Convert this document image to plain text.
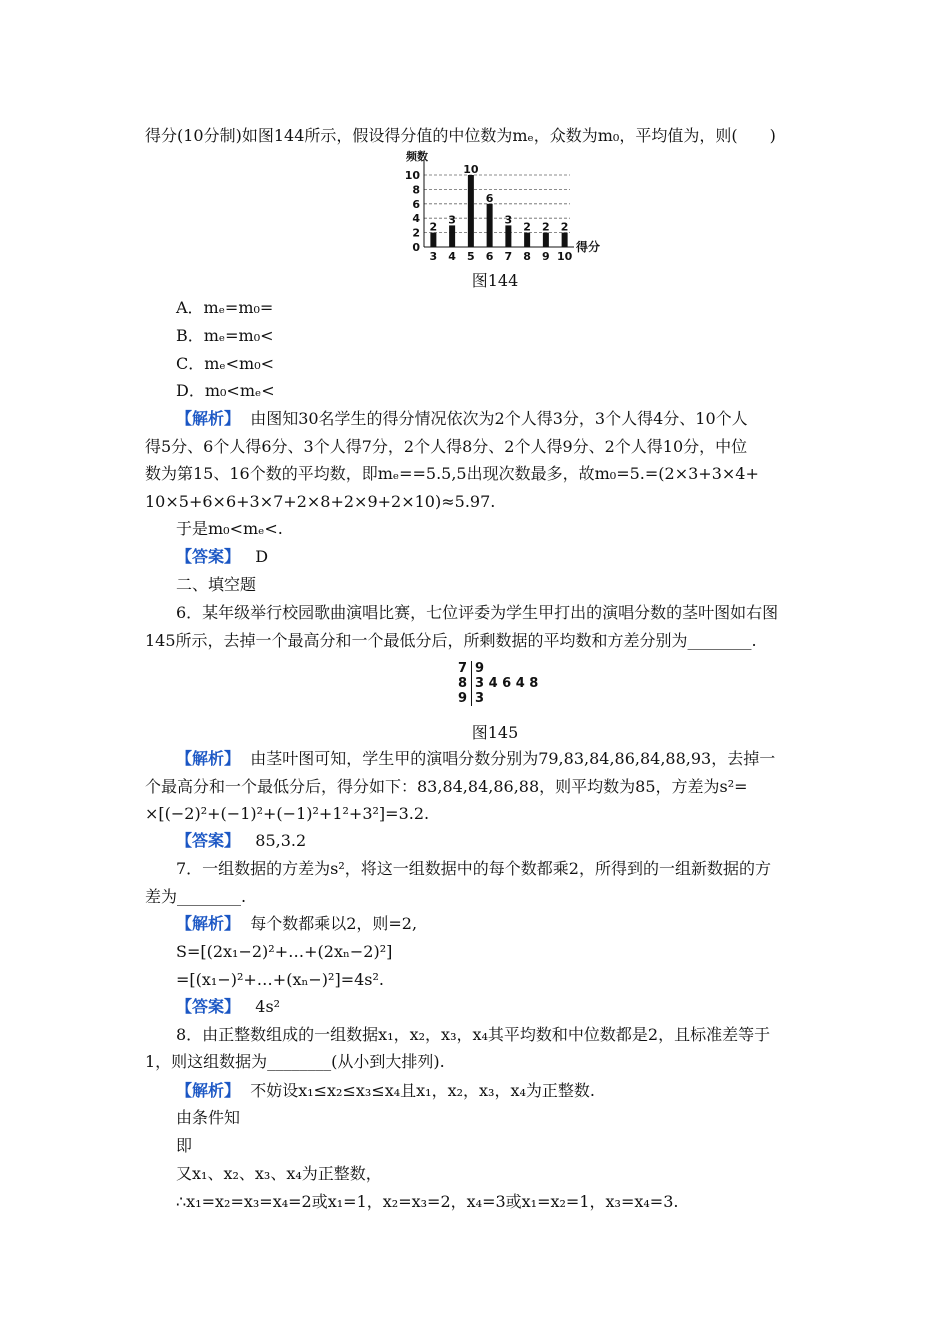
得分(10分制)如图144所示，假设得分值的中位数为mₑ，众数为m₀，平均值为，则(　　)
0
2
4
6
8
10
频数
得分
2
3
3
4
10
5
6
6
3
7
2
8
2
9
2
10
图144
A．mₑ=m₀=
B．mₑ=m₀<
C．mₑ<m₀<
D．m₀<mₑ<
【解析】 由图知30名学生的得分情况依次为2个人得3分，3个人得4分、10个人
得5分、6个人得6分、3个人得7分，2个人得8分、2个人得9分、2个人得10分，中位
数为第15、16个数的平均数，即mₑ==5.5,5出现次数最多，故m₀=5.=(2×3+3×4+
10×5+6×6+3×7+2×8+2×9+2×10)≈5.97.
于是m₀<mₑ<.
【答案】 D
二、填空题
6．某年级举行校园歌曲演唱比赛，七位评委为学生甲打出的演唱分数的茎叶图如右图
145所示，去掉一个最高分和一个最低分后，所剩数据的平均数和方差分别为________.
7 9
8 3 4 6 4 8
9 3
图145
【解析】 由茎叶图可知，学生甲的演唱分数分别为79,83,84,86,84,88,93，去掉一
个最高分和一个最低分后，得分如下：83,84,84,86,88，则平均数为85，方差为s²=
×[(−2)²+(−1)²+(−1)²+1²+3²]=3.2.
【答案】 85,3.2
7．一组数据的方差为s²，将这一组数据中的每个数都乘2，所得到的一组新数据的方
差为________.
【解析】 每个数都乘以2，则=2,
S=[(2x₁−2)²+…+(2xₙ−2)²]
=[(x₁−)²+…+(xₙ−)²]=4s².
【答案】 4s²
8．由正整数组成的一组数据x₁，x₂，x₃，x₄其平均数和中位数都是2，且标准差等于
1，则这组数据为________(从小到大排列).
【解析】 不妨设x₁≤x₂≤x₃≤x₄且x₁，x₂，x₃，x₄为正整数.
由条件知
即
又x₁、x₂、x₃、x₄为正整数，
∴x₁=x₂=x₃=x₄=2或x₁=1，x₂=x₃=2，x₄=3或x₁=x₂=1，x₃=x₄=3.
